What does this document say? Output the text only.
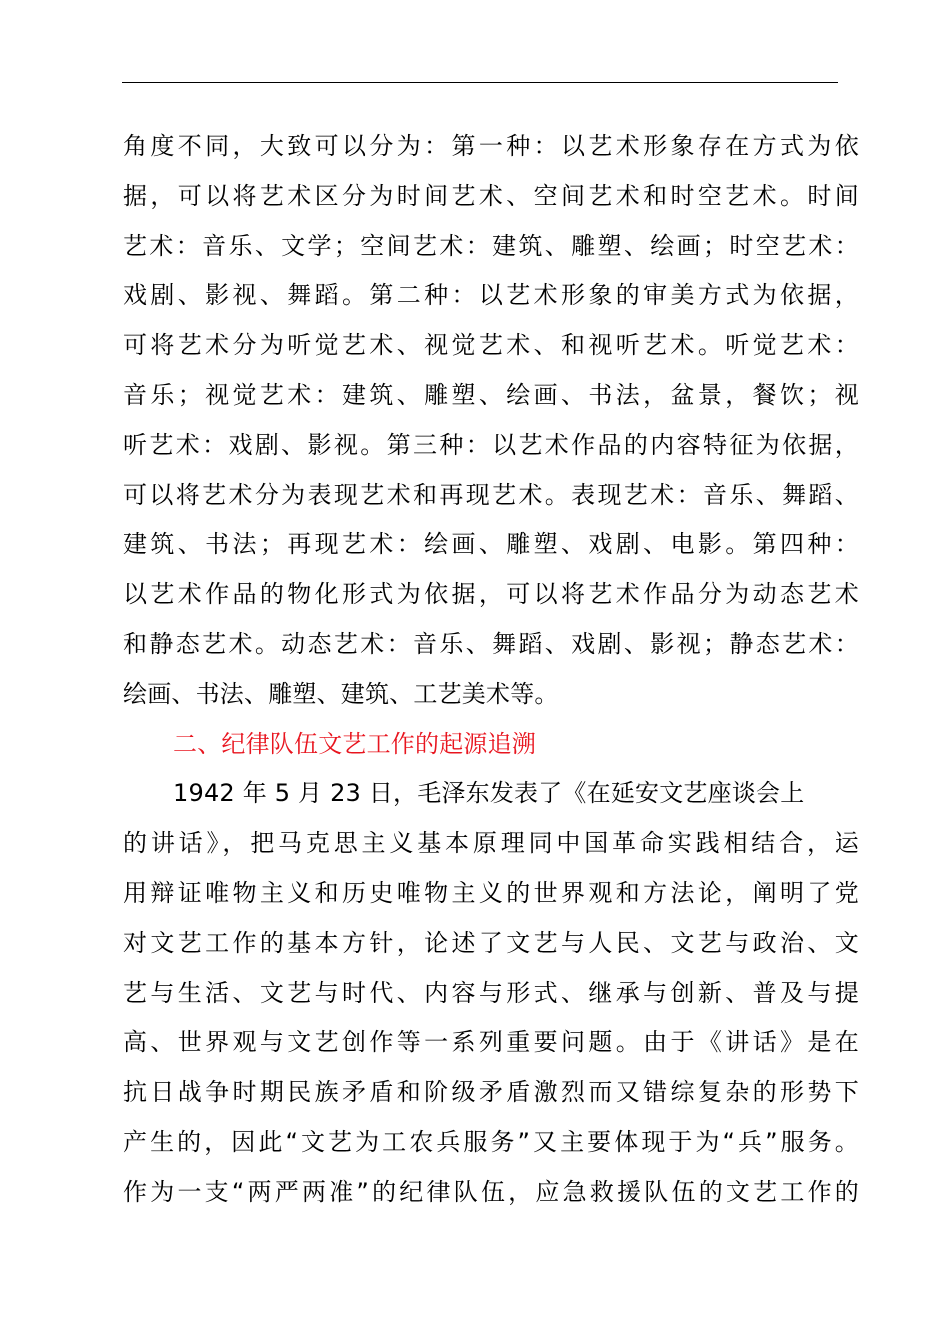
角度不同，大致可以分为：第一种：以艺术形象存在方式为依
据，可以将艺术区分为时间艺术、空间艺术和时空艺术。时间
艺术：音乐、文学；空间艺术：建筑、雕塑、绘画；时空艺术：
戏剧、影视、舞蹈。第二种：以艺术形象的审美方式为依据，
可将艺术分为听觉艺术、视觉艺术、和视听艺术。听觉艺术：
音乐；视觉艺术：建筑、雕塑、绘画、书法，盆景，餐饮；视
听艺术：戏剧、影视。第三种：以艺术作品的内容特征为依据，
可以将艺术分为表现艺术和再现艺术。表现艺术：音乐、舞蹈、
建筑、书法；再现艺术：绘画、雕塑、戏剧、电影。第四种：
以艺术作品的物化形式为依据，可以将艺术作品分为动态艺术
和静态艺术。动态艺术：音乐、舞蹈、戏剧、影视；静态艺术：
绘画、书法、雕塑、建筑、工艺美术等。
二、纪律队伍文艺工作的起源追溯
1942 年 5 月 23 日，毛泽东发表了《在延安文艺座谈会上
的讲话》，把马克思主义基本原理同中国革命实践相结合，运
用辩证唯物主义和历史唯物主义的世界观和方法论，阐明了党
对文艺工作的基本方针，论述了文艺与人民、文艺与政治、文
艺与生活、文艺与时代、内容与形式、继承与创新、普及与提
高、世界观与文艺创作等一系列重要问题。由于《讲话》是在
抗日战争时期民族矛盾和阶级矛盾激烈而又错综复杂的形势下
产生的，因此“文艺为工农兵服务”又主要体现于为“兵”服务。
作为一支“两严两准”的纪律队伍，应急救援队伍的文艺工作的
